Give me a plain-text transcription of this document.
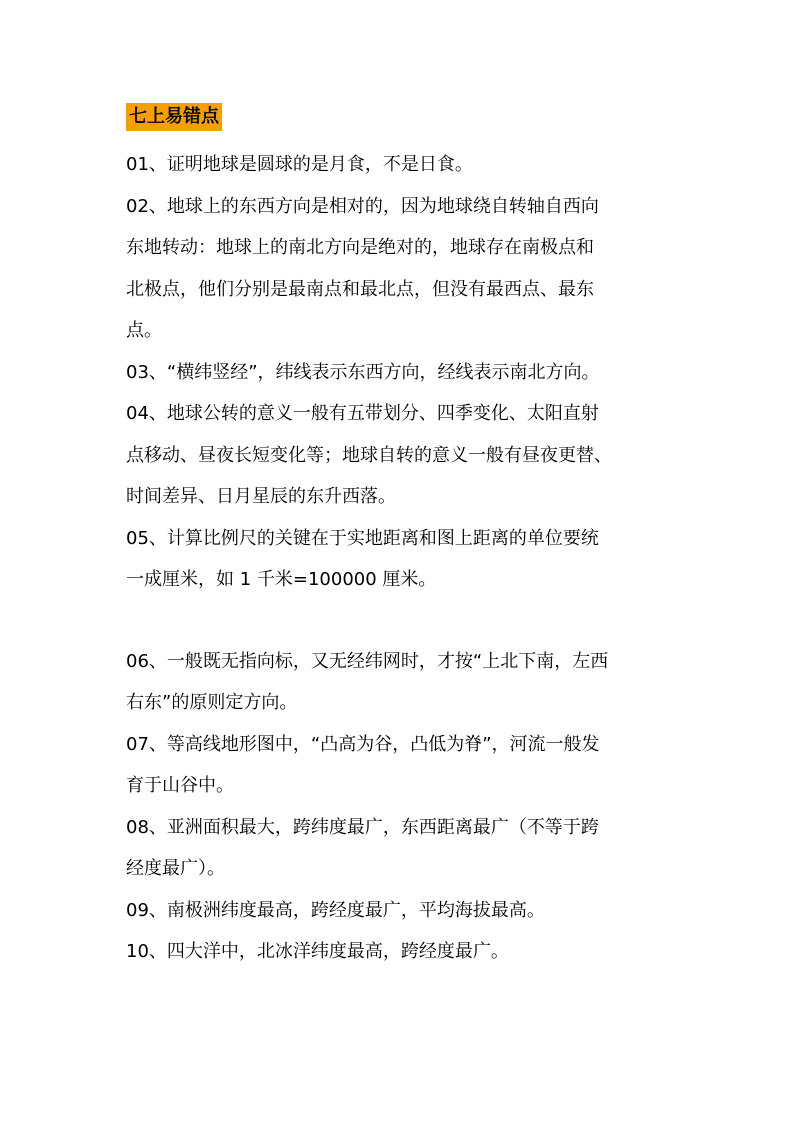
七上易错点
01、证明地球是圆球的是月食，不是日食。
02、地球上的东西方向是相对的，因为地球绕自转轴自西向
东地转动：地球上的南北方向是绝对的，地球存在南极点和
北极点，他们分别是最南点和最北点，但没有最西点、最东
点。
03、“横纬竖经”，纬线表示东西方向，经线表示南北方向。
04、地球公转的意义一般有五带划分、四季变化、太阳直射
点移动、昼夜长短变化等；地球自转的意义一般有昼夜更替、
时间差异、日月星辰的东升西落。
05、计算比例尺的关键在于实地距离和图上距离的单位要统
一成厘米，如 1 千米=100000 厘米。
06、一般既无指向标，又无经纬网时，才按“上北下南，左西
右东”的原则定方向。
07、等高线地形图中，“凸高为谷，凸低为脊”，河流一般发
育于山谷中。
08、亚洲面积最大，跨纬度最广，东西距离最广（不等于跨
经度最广）。
09、南极洲纬度最高，跨经度最广，平均海拔最高。
10、四大洋中，北冰洋纬度最高，跨经度最广。
